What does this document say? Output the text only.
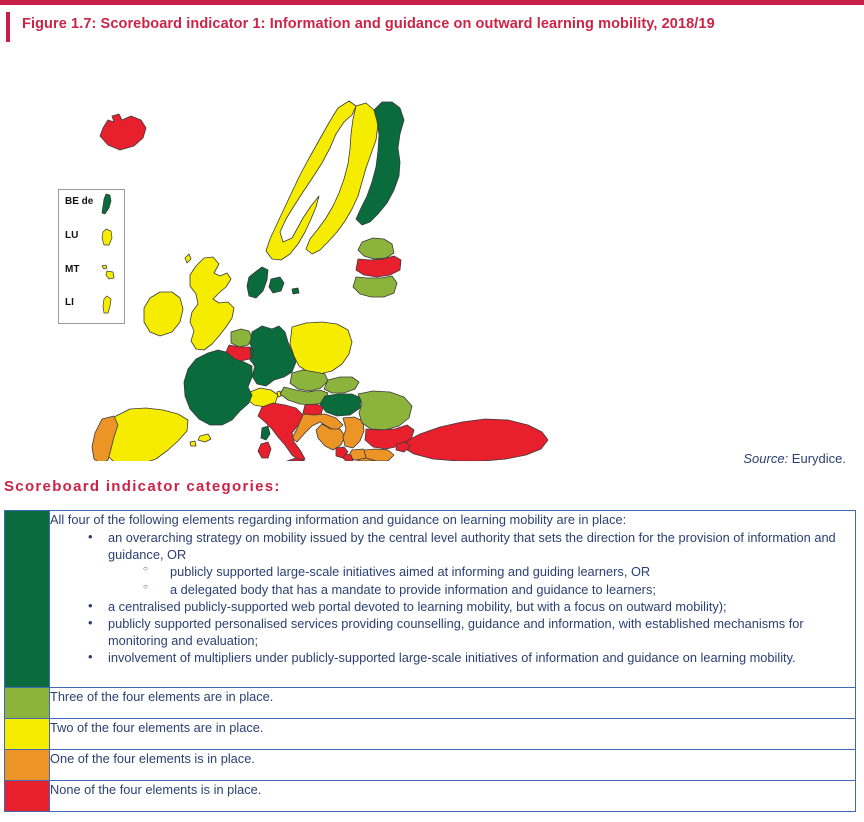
Figure 1.7: Scoreboard indicator 1: Information and guidance on outward learning mobility, 2018/19
BE de
LU
MT
LI
Source: Eurydice.
Scoreboard indicator categories:

All four of the following elements regarding information and guidance on learning mobility are in place:

• an overarching strategy on mobility issued by the central level authority that sets the direction for the provision of information and guidance, OR
○ publicly supported large-scale initiatives aimed at informing and guiding learners, OR
○ a delegated body that has a mandate to provide information and guidance to learners;
• a centralised publicly-supported web portal devoted to learning mobility, but with a focus on outward mobility);
• publicly supported personalised services providing counselling, guidance and information, with established mechanisms for monitoring and evaluation;
• involvement of multipliers under publicly-supported large-scale initiatives of information and guidance on learning mobility.

	Three of the four elements are in place.

	Two of the four elements are in place.

	One of the four elements is in place.

	None of the four elements is in place.
